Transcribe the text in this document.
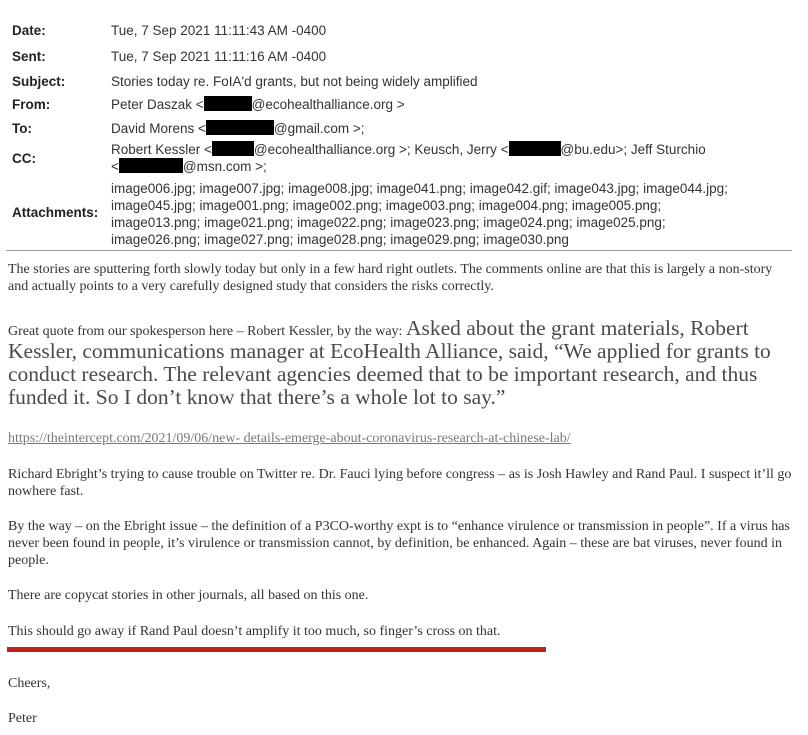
Date:	Tue, 7 Sep 2021 11:11:43 AM -0400
Sent:	Tue, 7 Sep 2021 11:11:16 AM -0400
Subject:	Stories today re. FoIA'd grants, but not being widely amplified
From:	Peter Daszak <	@ecohealthalliance.org >
To:	David Morens <	@gmail.com >;
CC:
Robert Kessler <	@ecohealthalliance.org >; Keusch, Jerry <	@bu.edu>; Jeff Sturchio
<	@msn.com >;
Attachments:
image006.jpg; image007.jpg; image008.jpg; image041.png; image042.gif; image043.jpg; image044.jpg;
image045.jpg; image001.png; image002.png; image003.png; image004.png; image005.png;
image013.png; image021.png; image022.png; image023.png; image024.png; image025.png;
image026.png; image027.png; image028.png; image029.png; image030.png

The stories are sputtering forth slowly today but only in a few hard right outlets. The comments online are that this is largely a non-story and actually points to a very carefully designed study that considers the risks correctly.

Great quote from our spokesperson here – Robert Kessler, by the way: Asked about the grant materials, Robert Kessler, communications manager at EcoHealth Alliance, said, “We applied for grants to conduct research. The relevant agencies deemed that to be important research, and thus funded it. So I don’t know that there’s a whole lot to say.”

https://theintercept.com/2021/09/06/new- details-emerge-about-coronavirus-research-at-chinese-lab/

Richard Ebright’s trying to cause trouble on Twitter re. Dr. Fauci lying before congress – as is Josh Hawley and Rand Paul. I suspect it’ll go nowhere fast.

By the way – on the Ebright issue – the definition of a P3CO-worthy expt is to “enhance virulence or transmission in people”. If a virus has never been found in people, it’s virulence or transmission cannot, by definition, be enhanced. Again – these are bat viruses, never found in people.

There are copycat stories in other journals, all based on this one.

This should go away if Rand Paul doesn’t amplify it too much, so finger’s cross on that.

Cheers,

Peter
